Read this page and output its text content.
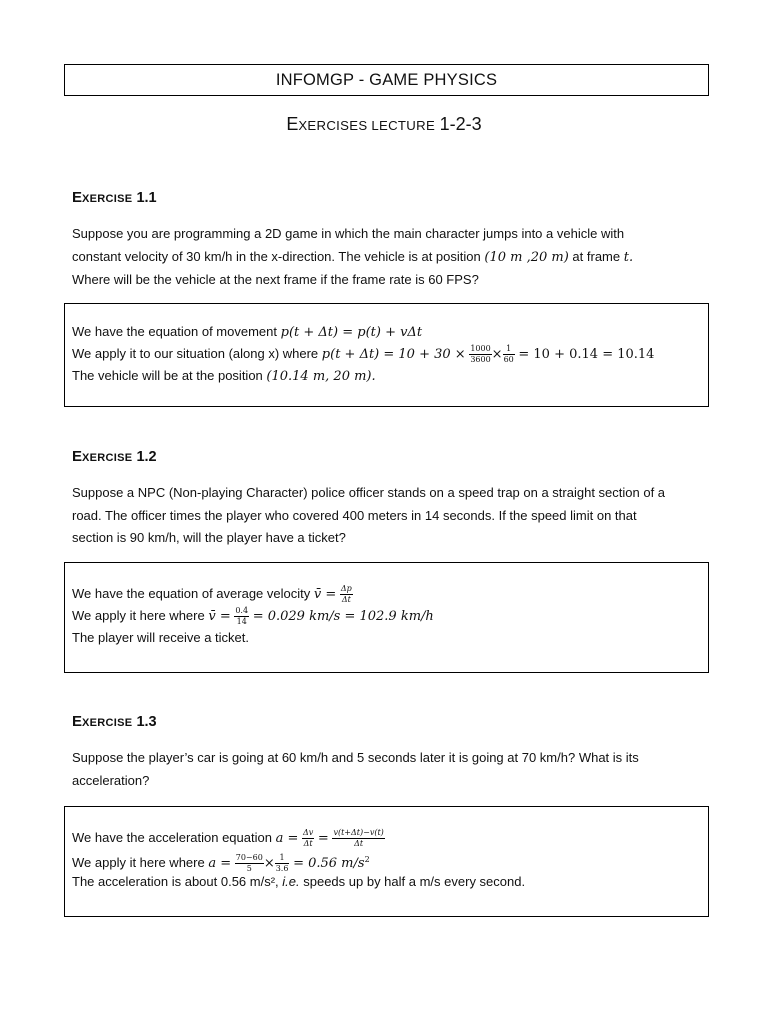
INFOMGP - GAME PHYSICS
EXERCISES LECTURE 1-2-3
EXERCISE 1.1
Suppose you are programming a 2D game in which the main character jumps into a vehicle with
constant velocity of 30 km/h in the x-direction. The vehicle is at position (10 m ,20 m) at frame t.
Where will be the vehicle at the next frame if the frame rate is 60 FPS?
We have the equation of movement p(t + Δt) = p(t) + vΔt
We apply it to our situation (along x) where $p(t + \Delta t) = 10 + 30 \times \frac{1000}{3600} \times \frac{1}{60} = 10 + 0.14 = 10.14$
The vehicle will be at the position (10.14 m, 20 m).
EXERCISE 1.2
Suppose a NPC (Non-playing Character) police officer stands on a speed trap on a straight section of a
road. The officer times the player who covered 400 meters in 14 seconds. If the speed limit on that
section is 90 km/h, will the player have a ticket?
We have the equation of average velocity v̄ = $\frac{\Delta p}{\Delta t}$
We apply it here where v̄ = $\frac{0.4}{14} = 0.029$ km/s = 102.9 km/h
The player will receive a ticket.
EXERCISE 1.3
Suppose the player’s car is going at 60 km/h and 5 seconds later it is going at 70 km/h? What is its
acceleration?
We have the acceleration equation $a = \frac{\Delta v}{\Delta t} = \frac{v(t+\Delta t)-v(t)}{\Delta t}$
We apply it here where $a = \frac{70-60}{5} \times \frac{1}{3.6} = 0.56$ $m/s^2$
The acceleration is about 0.56 m/s², i.e. speeds up by half a m/s every second.
